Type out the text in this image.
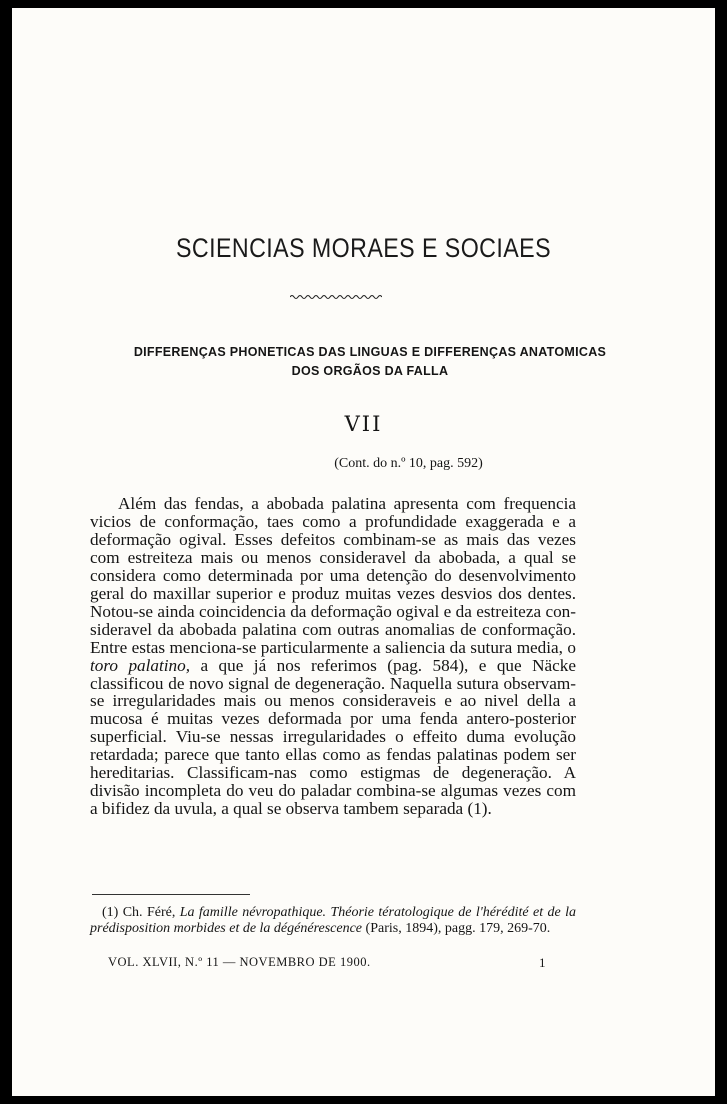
SCIENCIAS MORAES E SOCIAES
DIFFERENÇAS PHONETICAS DAS LINGUAS E DIFFERENÇAS ANATOMICAS
DOS ORGÃOS DA FALLA
VII
(Cont. do n.º 10, pag. 592)

Além das fendas, a abobada palatina apresenta com frequencia vicios de conformação, taes como a profundidade exaggerada e a deformação ogival. Esses defeitos combinam-se as mais das vezes com estreiteza mais ou menos consideravel da abobada, a qual se considera como determinada por uma detenção do desenvolvimento geral do maxillar superior e produz muitas vezes desvios dos dentes. Notou-se ainda coincidencia da deformação ogival e da estreiteza consideravel da abobada palatina com outras anomalias de conformação. Entre estas menciona-se particularmente a saliencia da sutura media, o toro palatino, a que já nos referimos (pag. 584), e que Näcke classificou de novo signal de degeneração. Naquella sutura observam-se irregularidades mais ou menos consideraveis e ao nivel della a mucosa é muitas vezes deformada por uma fenda antero-posterior superficial. Viu-se nessas irregularidades o effeito duma evolução retardada; parece que tanto ellas como as fendas palatinas podem ser hereditarias. Classificam-nas como estigmas de degeneração. A divisão incompleta do veu do paladar combina-se algumas vezes com a bifidez da uvula, a qual se observa tambem separada (1).

(1) Ch. Féré, La famille névropathique. Théorie tératologique de l'hérédité et de la prédisposition morbides et de la dégénérescence (Paris, 1894), pagg. 179, 269-70.

VOL. XLVII, N.º 11 — NOVEMBRO DE 1900.	1
